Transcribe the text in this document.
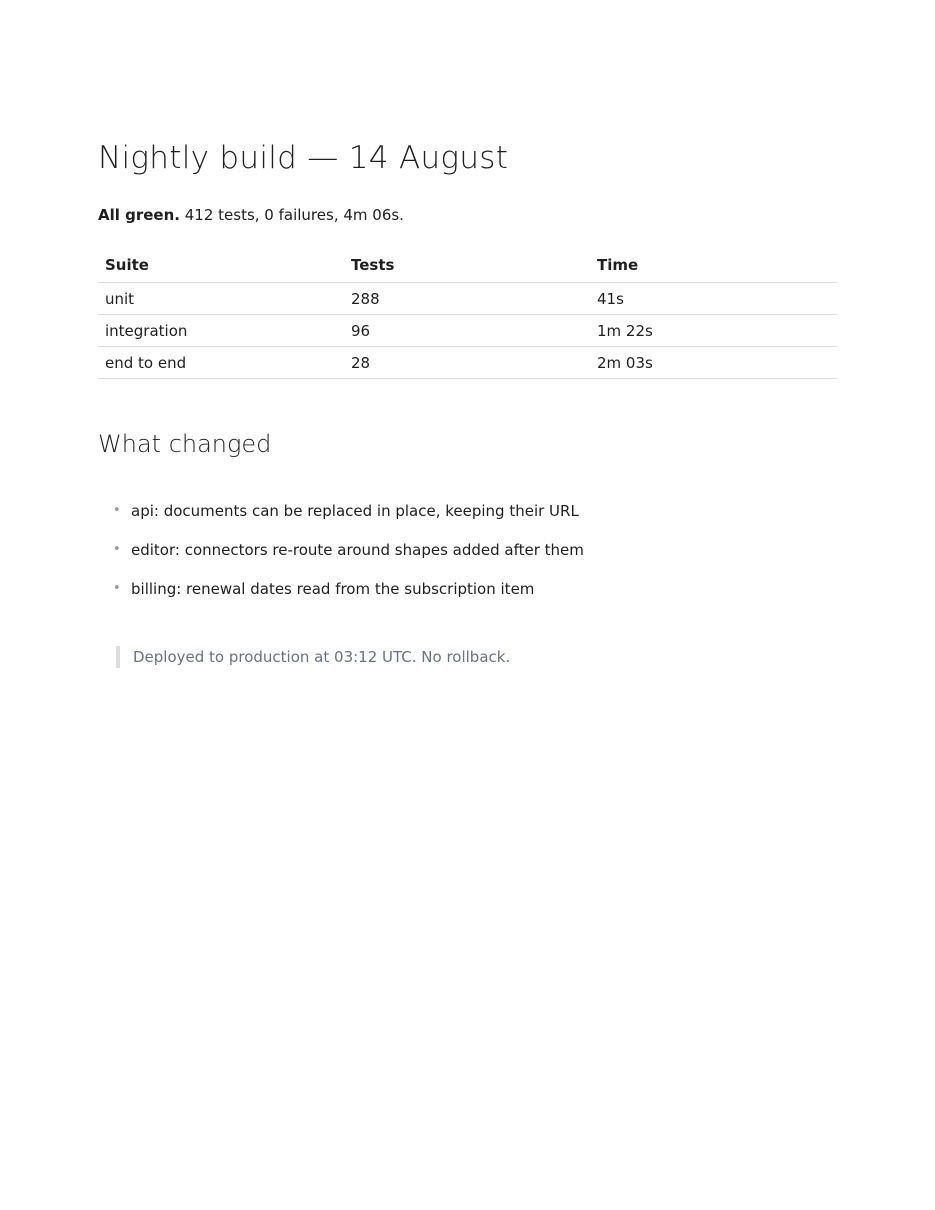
Nightly build — 14 August

All green. 412 tests, 0 failures, 4m 06s.

Suite	Tests	Time
unit	288	41s
integration	96	1m 22s
end to end	28	2m 03s
What changed
• api: documents can be replaced in place, keeping their URL
• editor: connectors re-route around shapes added after them
• billing: renewal dates read from the subscription item
Deployed to production at 03:12 UTC. No rollback.
